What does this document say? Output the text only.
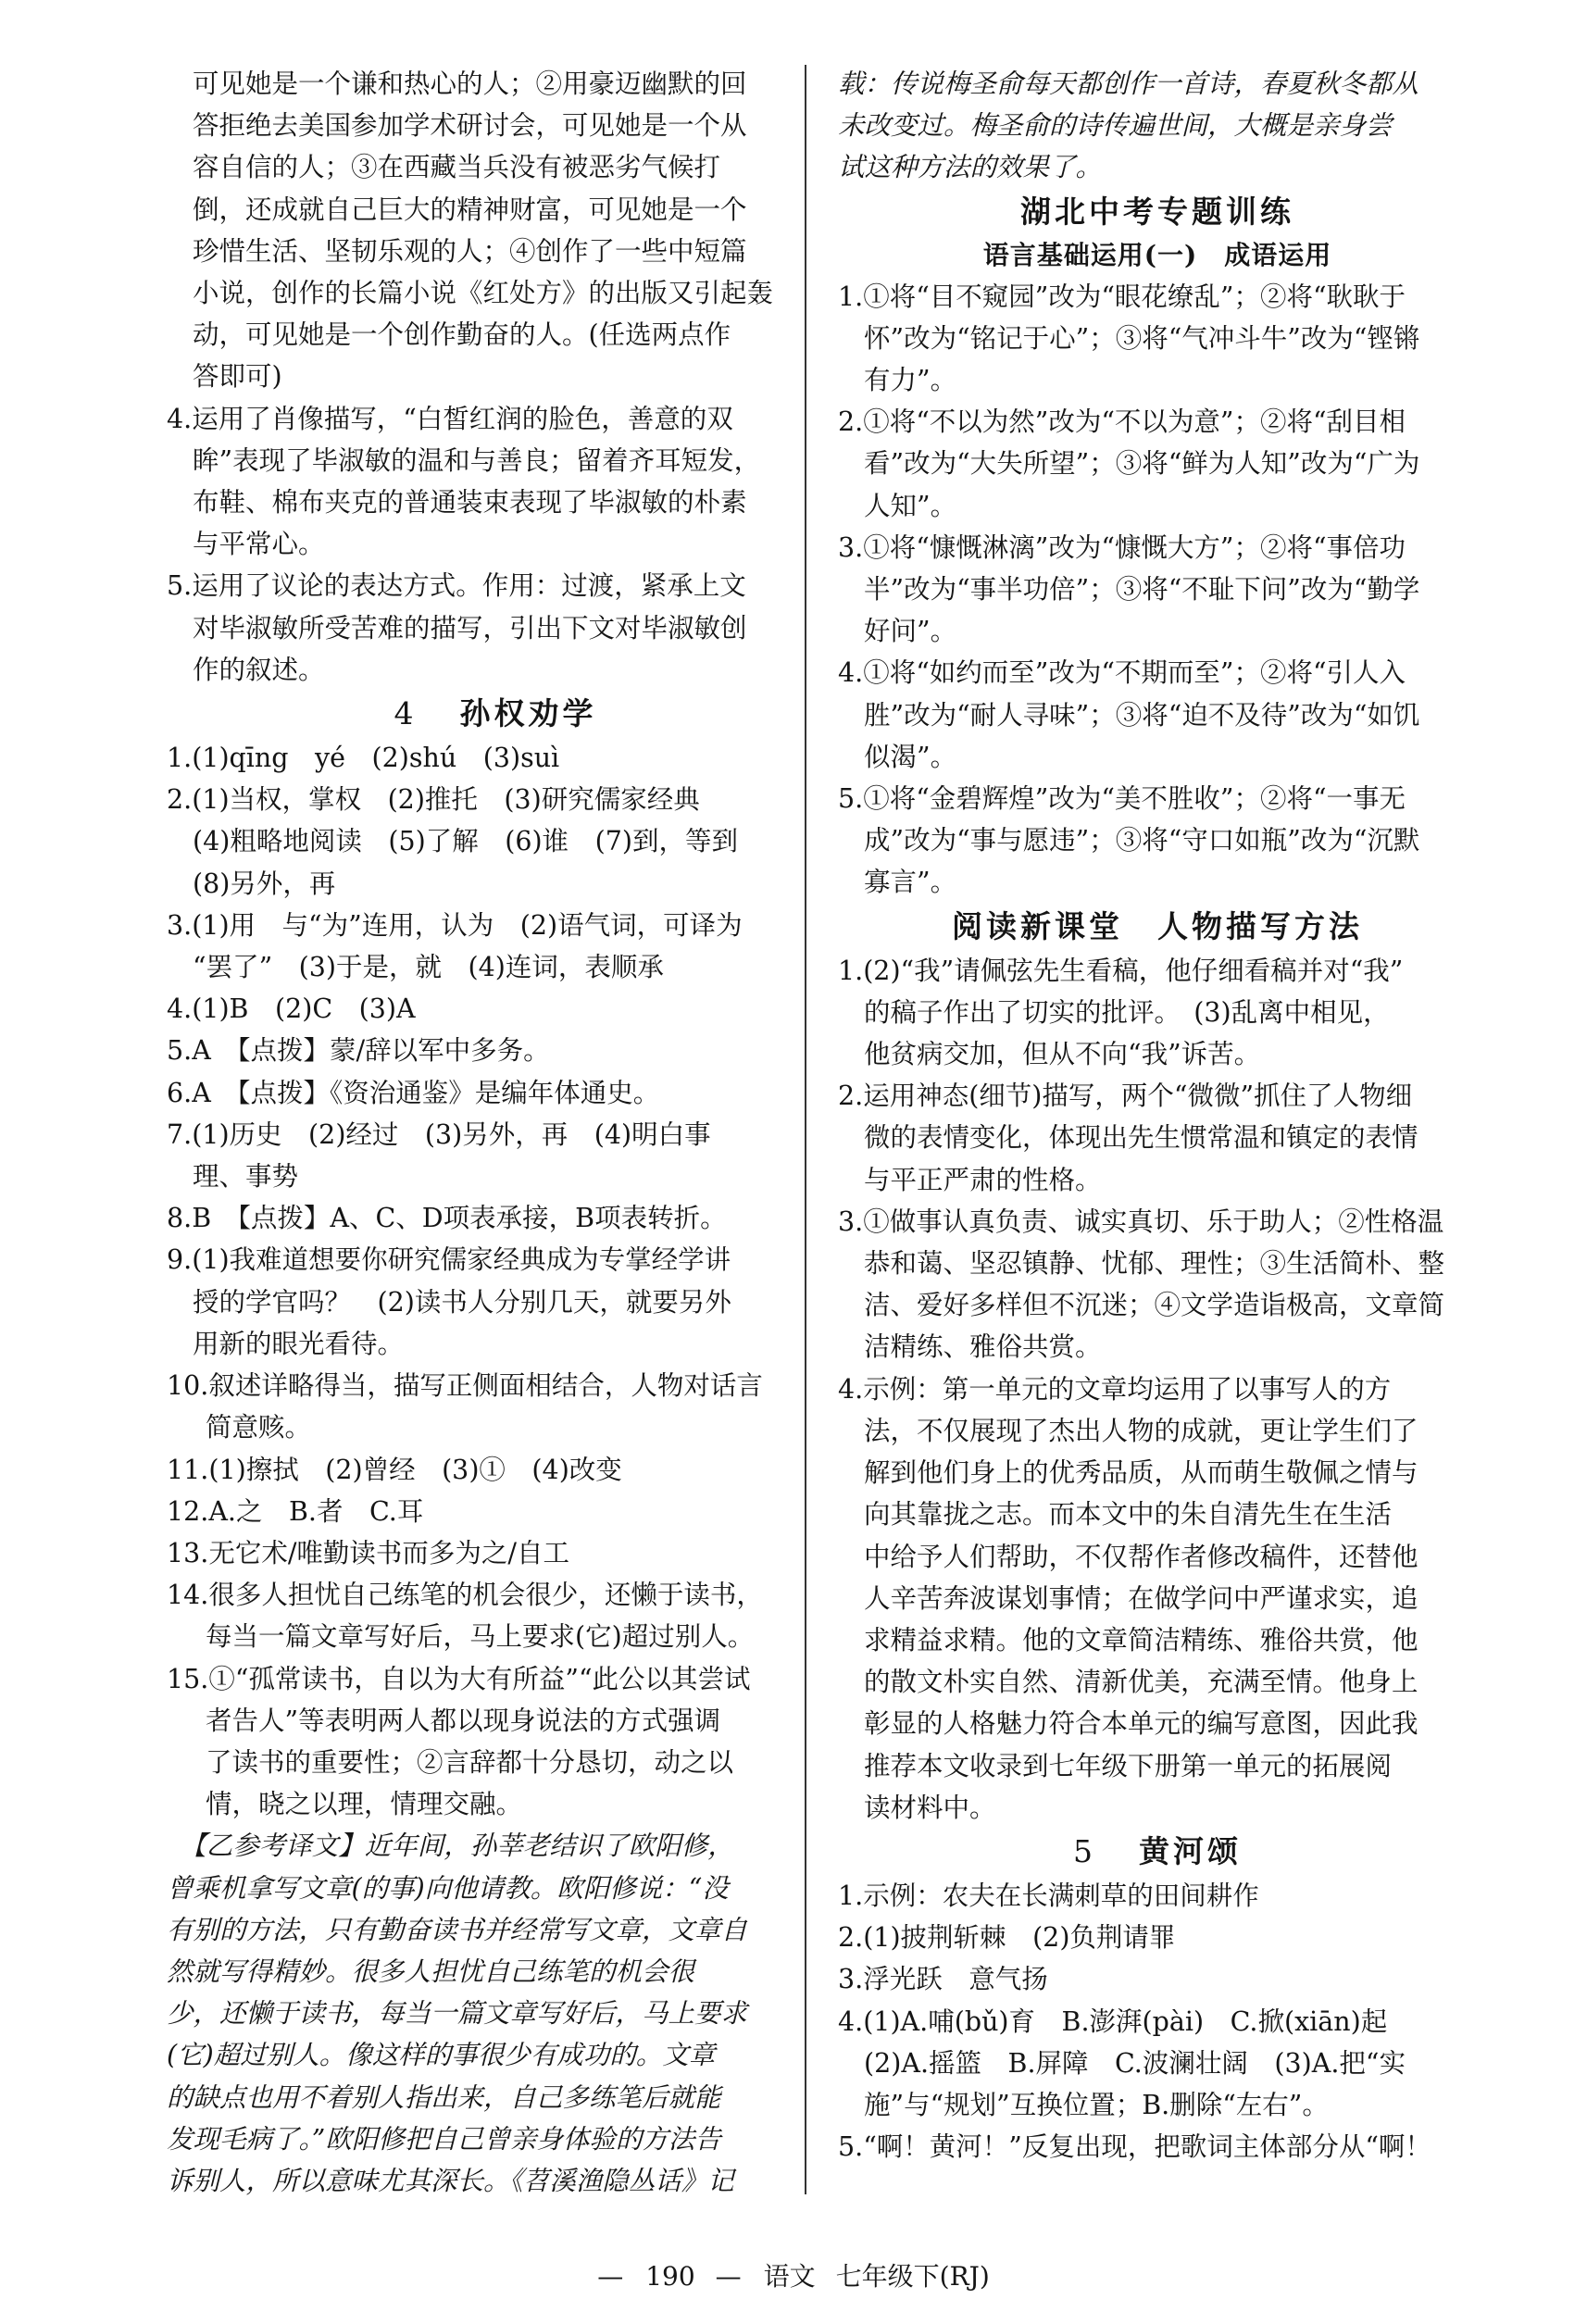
可见她是一个谦和热心的人；②用豪迈幽默的回
答拒绝去美国参加学术研讨会，可见她是一个从
容自信的人；③在西藏当兵没有被恶劣气候打
倒，还成就自己巨大的精神财富，可见她是一个
珍惜生活、坚韧乐观的人；④创作了一些中短篇
小说，创作的长篇小说《红处方》的出版又引起轰
动，可见她是一个创作勤奋的人。(任选两点作
答即可)
4.运用了肖像描写，“白皙红润的脸色，善意的双
眸”表现了毕淑敏的温和与善良；留着齐耳短发，
布鞋、棉布夹克的普通装束表现了毕淑敏的朴素
与平常心。
5.运用了议论的表达方式。作用：过渡，紧承上文
对毕淑敏所受苦难的描写，引出下文对毕淑敏创
作的叙述。
4 孙权劝学
1.(1)qīng　yé　(2)shú　(3)suì
2.(1)当权，掌权　(2)推托　(3)研究儒家经典
(4)粗略地阅读　(5)了解　(6)谁　(7)到，等到
(8)另外，再
3.(1)用　与“为”连用，认为　(2)语气词，可译为
“罢了”　(3)于是，就　(4)连词，表顺承
4.(1)B　(2)C　(3)A
5.A　【点拨】蒙/辞以军中多务。
6.A　【点拨】《资治通鉴》是编年体通史。
7.(1)历史　(2)经过　(3)另外，再　(4)明白事
理、事势
8.B　【点拨】A、C、D项表承接，B项表转折。
9.(1)我难道想要你研究儒家经典成为专掌经学讲
授的学官吗？　(2)读书人分别几天，就要另外
用新的眼光看待。
10.叙述详略得当，描写正侧面相结合，人物对话言
简意赅。
11.(1)擦拭　(2)曾经　(3)①　(4)改变
12.A.之　B.者　C.耳
13.无它术/唯勤读书而多为之/自工
14.很多人担忧自己练笔的机会很少，还懒于读书，
每当一篇文章写好后，马上要求(它)超过别人。
15.①“孤常读书，自以为大有所益”“此公以其尝试
者告人”等表明两人都以现身说法的方式强调
了读书的重要性；②言辞都十分恳切，动之以
情，晓之以理，情理交融。
　【乙参考译文】近年间，孙莘老结识了欧阳修，
曾乘机拿写文章(的事)向他请教。欧阳修说：“没
有别的方法，只有勤奋读书并经常写文章，文章自
然就写得精妙。很多人担忧自己练笔的机会很
少，还懒于读书，每当一篇文章写好后，马上要求
(它)超过别人。像这样的事很少有成功的。文章
的缺点也用不着别人指出来，自己多练笔后就能
发现毛病了。”欧阳修把自己曾亲身体验的方法告
诉别人，所以意味尤其深长。《苕溪渔隐丛话》记
载：传说梅圣俞每天都创作一首诗，春夏秋冬都从
未改变过。梅圣俞的诗传遍世间，大概是亲身尝
试这种方法的效果了。
湖北中考专题训练
语言基础运用(一)　成语运用
1.①将“目不窥园”改为“眼花缭乱”；②将“耿耿于
怀”改为“铭记于心”；③将“气冲斗牛”改为“铿锵
有力”。
2.①将“不以为然”改为“不以为意”；②将“刮目相
看”改为“大失所望”；③将“鲜为人知”改为“广为
人知”。
3.①将“慷慨淋漓”改为“慷慨大方”；②将“事倍功
半”改为“事半功倍”；③将“不耻下问”改为“勤学
好问”。
4.①将“如约而至”改为“不期而至”；②将“引人入
胜”改为“耐人寻味”；③将“迫不及待”改为“如饥
似渴”。
5.①将“金碧辉煌”改为“美不胜收”；②将“一事无
成”改为“事与愿违”；③将“守口如瓶”改为“沉默
寡言”。
阅读新课堂　人物描写方法
1.(2)“我”请佩弦先生看稿，他仔细看稿并对“我”
的稿子作出了切实的批评。　(3)乱离中相见，
他贫病交加，但从不向“我”诉苦。
2.运用神态(细节)描写，两个“微微”抓住了人物细
微的表情变化，体现出先生惯常温和镇定的表情
与平正严肃的性格。
3.①做事认真负责、诚实真切、乐于助人；②性格温
恭和蔼、坚忍镇静、忧郁、理性；③生活简朴、整
洁、爱好多样但不沉迷；④文学造诣极高，文章简
洁精练、雅俗共赏。
4.示例：第一单元的文章均运用了以事写人的方
法，不仅展现了杰出人物的成就，更让学生们了
解到他们身上的优秀品质，从而萌生敬佩之情与
向其靠拢之志。而本文中的朱自清先生在生活
中给予人们帮助，不仅帮作者修改稿件，还替他
人辛苦奔波谋划事情；在做学问中严谨求实，追
求精益求精。他的文章简洁精练、雅俗共赏，他
的散文朴实自然、清新优美，充满至情。他身上
彰显的人格魅力符合本单元的编写意图，因此我
推荐本文收录到七年级下册第一单元的拓展阅
读材料中。
5 黄河颂
1.示例：农夫在长满刺草的田间耕作
2.(1)披荆斩棘　(2)负荆请罪
3.浮光跃　意气扬
4.(1)A.哺(bǔ)育　B.澎湃(pài)　C.掀(xiān)起
(2)A.摇篮　B.屏障　C.波澜壮阔　(3)A.把“实
施”与“规划”互换位置；B.删除“左右”。
5.“啊！黄河！”反复出现，把歌词主体部分从“啊！
— 190 — 语文 七年级下(RJ)
